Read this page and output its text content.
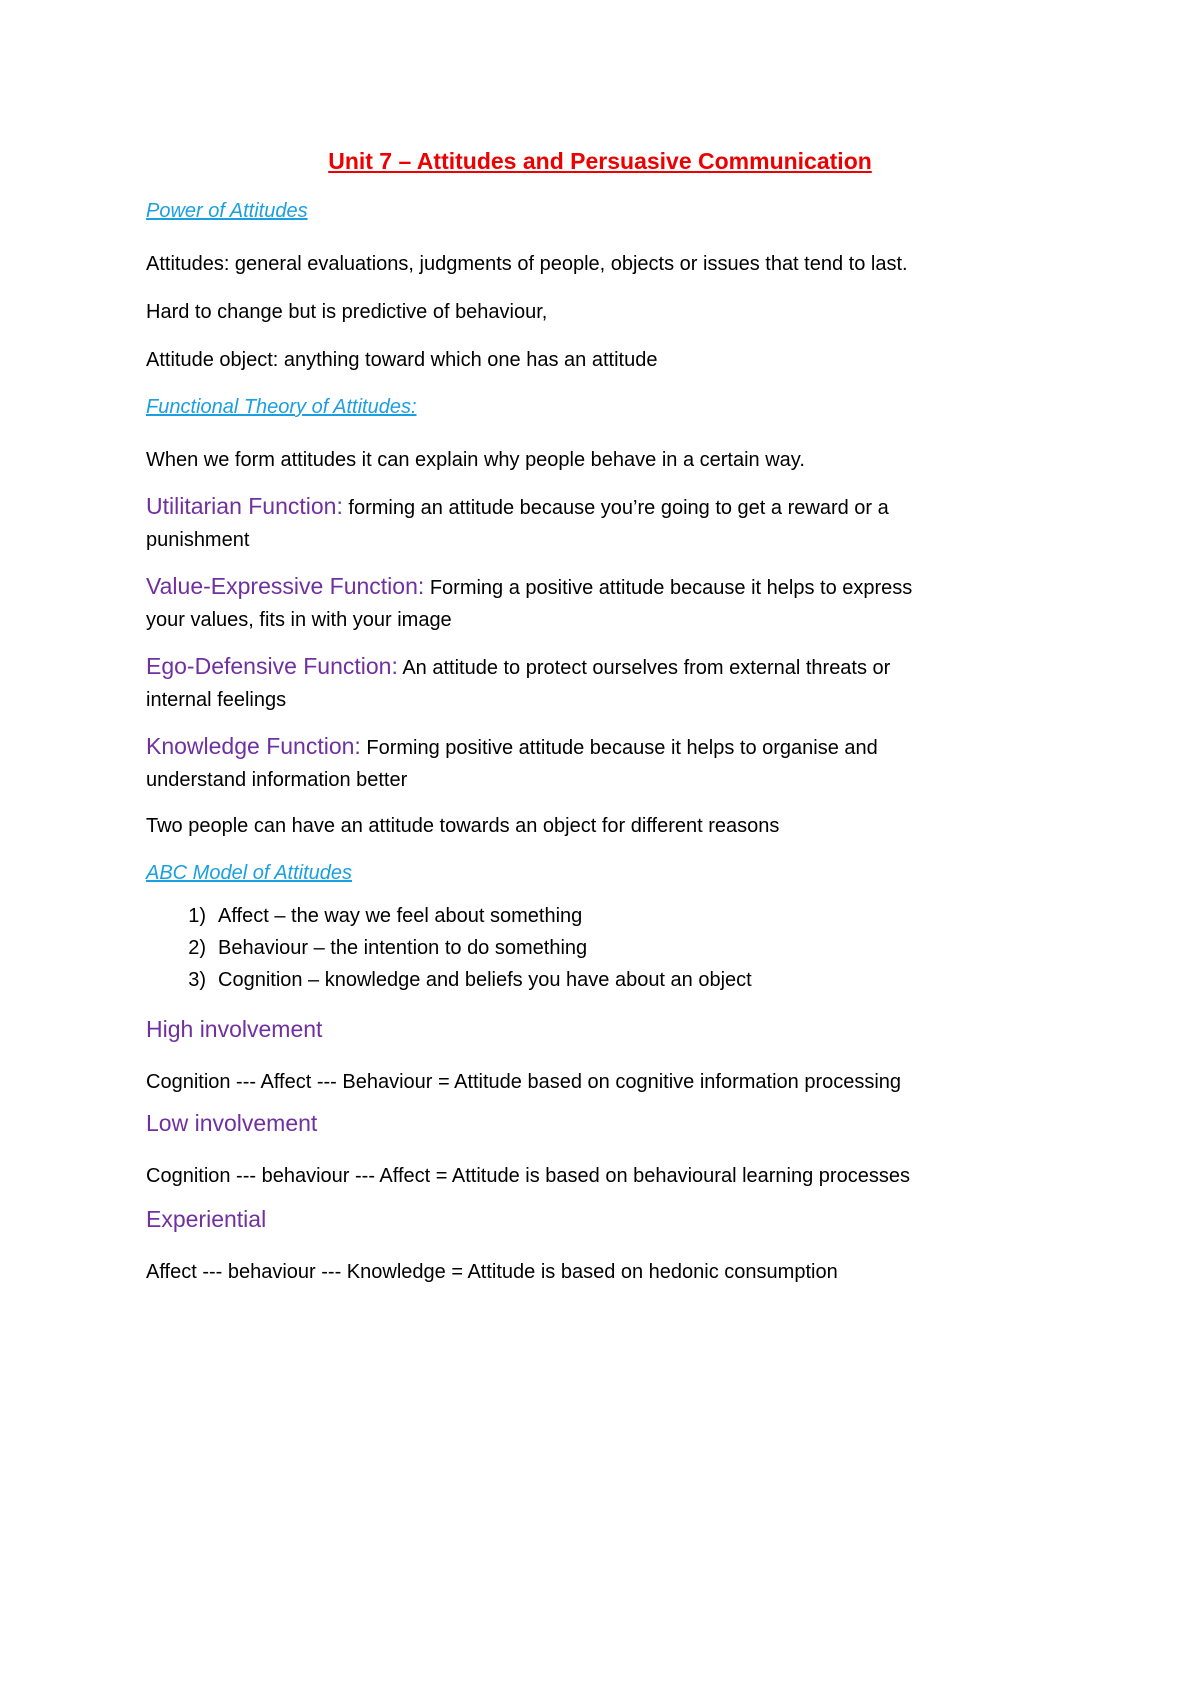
Unit 7 – Attitudes and Persuasive Communication

Power of Attitudes

Attitudes: general evaluations, judgments of people, objects or issues that tend to last.

Hard to change but is predictive of behaviour,

Attitude object: anything toward which one has an attitude

Functional Theory of Attitudes:

When we form attitudes it can explain why people behave in a certain way.

Utilitarian Function: forming an attitude because you’re going to get a reward or a
punishment
Value-Expressive Function: Forming a positive attitude because it helps to express
your values, fits in with your image
Ego-Defensive Function: An attitude to protect ourselves from external threats or
internal feelings
Knowledge Function: Forming positive attitude because it helps to organise and
understand information better

Two people can have an attitude towards an object for different reasons

ABC Model of Attitudes

1) Affect – the way we feel about something
2) Behaviour – the intention to do something
3) Cognition – knowledge and beliefs you have about an object

High involvement

Cognition --- Affect --- Behaviour = Attitude based on cognitive information processing

Low involvement

Cognition --- behaviour --- Affect = Attitude is based on behavioural learning processes

Experiential

Affect --- behaviour --- Knowledge = Attitude is based on hedonic consumption
